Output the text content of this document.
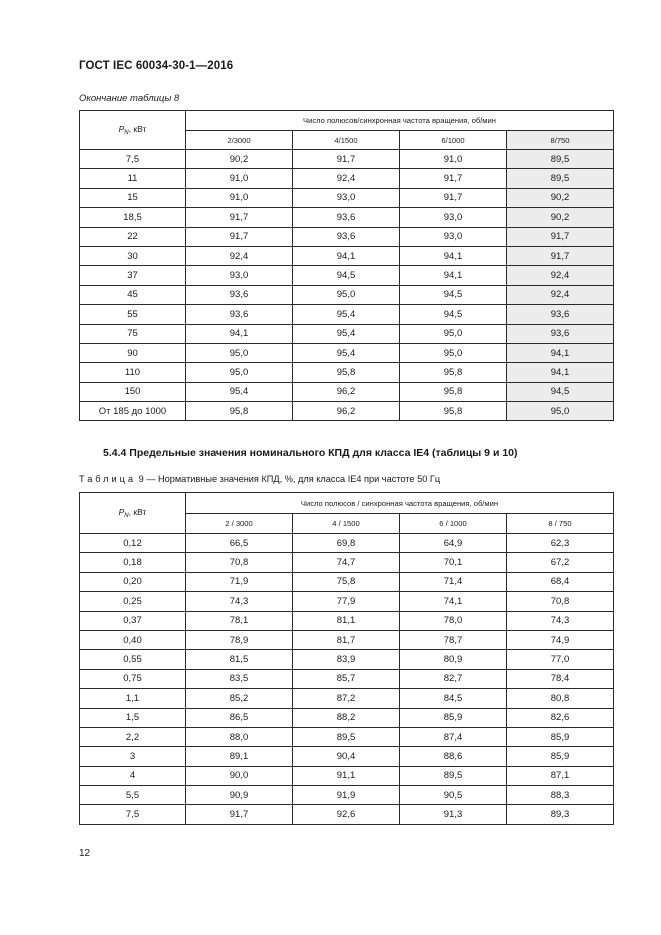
ГОСТ IEC 60034-30-1—2016
Окончание таблицы 8
$P_N$, кВт	Число полюсов/синхронная частота вращения, об/мин			
	2/3000	4/1500	6/1000	8/750
7,5	90,2	91,7	91,0	89,5
11	91,0	92,4	91,7	89,5
15	91,0	93,0	91,7	90,2
18,5	91,7	93,6	93,0	90,2
22	91,7	93,6	93,0	91,7
30	92,4	94,1	94,1	91,7
37	93,0	94,5	94,1	92,4
45	93,6	95,0	94,5	92,4
55	93,6	95,4	94,5	93,6
75	94,1	95,4	95,0	93,6
90	95,0	95,4	95,0	94,1
110	95,0	95,8	95,8	94,1
150	95,4	96,2	95,8	94,5
От 185 до 1000	95,8	96,2	95,8	95,0
5.4.4 Предельные значения номинального КПД для класса IE4 (таблицы 9 и 10)
Таблица 9 — Нормативные значения КПД, %, для класса IE4 при частоте 50 Гц
$P_N$, кВт	Число полюсов / синхронная частота вращения, об/мин			
	2 / 3000	4 / 1500	6 / 1000	8 / 750
0,12	66,5	69,8	64,9	62,3
0,18	70,8	74,7	70,1	67,2
0,20	71,9	75,8	71,4	68,4
0,25	74,3	77,9	74,1	70,8
0,37	78,1	81,1	78,0	74,3
0,40	78,9	81,7	78,7	74,9
0,55	81,5	83,9	80,9	77,0
0,75	83,5	85,7	82,7	78,4
1,1	85,2	87,2	84,5	80,8
1,5	86,5	88,2	85,9	82,6
2,2	88,0	89,5	87,4	85,9
3	89,1	90,4	88,6	85,9
4	90,0	91,1	89,5	87,1
5,5	90,9	91,9	90,5	88,3
7,5	91,7	92,6	91,3	89,3
12
